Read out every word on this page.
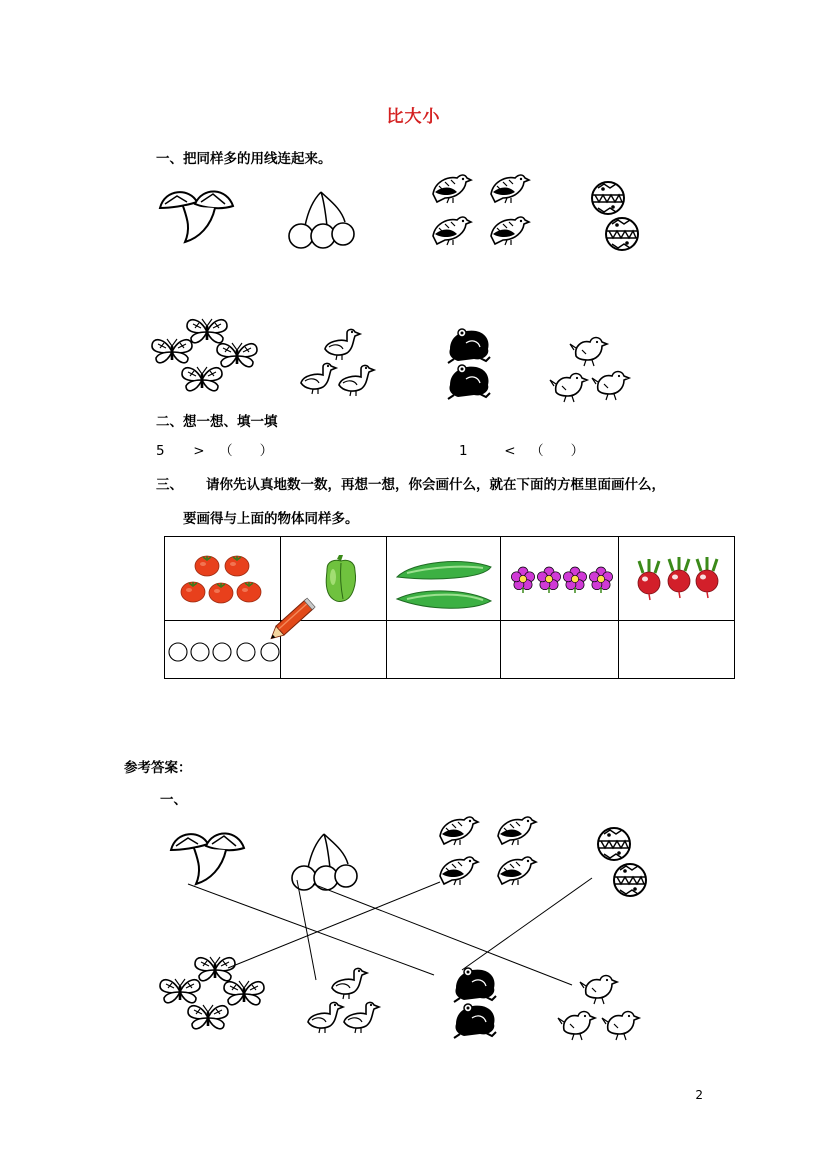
比大小
一、把同样多的用线连起来。
二、想一想、填一填
5 > （　　）	1	< （　　）
三、 请你先认真地数一数，再想一想，你会画什么，就在下面的方框里面画什么，
要画得与上面的物体同样多。

参考答案：
一、
2
